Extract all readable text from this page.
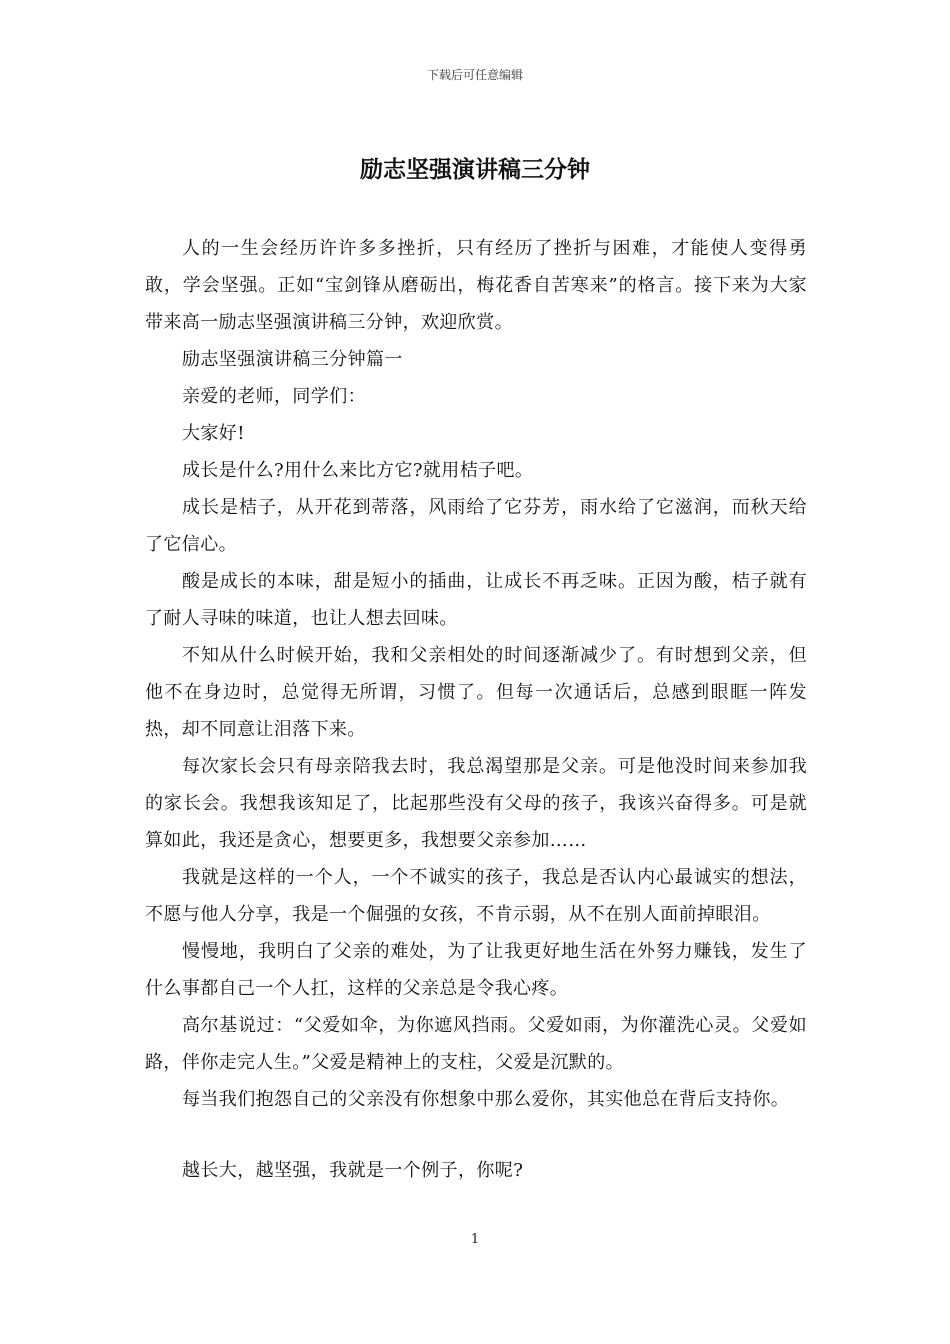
下载后可任意编辑
励志坚强演讲稿三分钟

人的一生会经历许许多多挫折，只有经历了挫折与困难，才能使人变得勇敢，学会坚强。正如“宝剑锋从磨砺出，梅花香自苦寒来”的格言。接下来为大家带来高一励志坚强演讲稿三分钟，欢迎欣赏。

励志坚强演讲稿三分钟篇一

亲爱的老师，同学们：

大家好!

成长是什么?用什么来比方它?就用桔子吧。

成长是桔子，从开花到蒂落，风雨给了它芬芳，雨水给了它滋润，而秋天给了它信心。

酸是成长的本味，甜是短小的插曲，让成长不再乏味。正因为酸，桔子就有了耐人寻味的味道，也让人想去回味。

不知从什么时候开始，我和父亲相处的时间逐渐减少了。有时想到父亲，但他不在身边时，总觉得无所谓，习惯了。但每一次通话后，总感到眼眶一阵发热，却不同意让泪落下来。

每次家长会只有母亲陪我去时，我总渴望那是父亲。可是他没时间来参加我的家长会。我想我该知足了，比起那些没有父母的孩子，我该兴奋得多。可是就算如此，我还是贪心，想要更多，我想要父亲参加……

我就是这样的一个人，一个不诚实的孩子，我总是否认内心最诚实的想法，不愿与他人分享，我是一个倔强的女孩，不肯示弱，从不在别人面前掉眼泪。

慢慢地，我明白了父亲的难处，为了让我更好地生活在外努力赚钱，发生了什么事都自己一个人扛，这样的父亲总是令我心疼。

高尔基说过：“父爱如伞，为你遮风挡雨。父爱如雨，为你灌洗心灵。父爱如路，伴你走完人生。”父爱是精神上的支柱，父爱是沉默的。

每当我们抱怨自己的父亲没有你想象中那么爱你，其实他总在背后支持你。

越长大，越坚强，我就是一个例子，你呢?

1
